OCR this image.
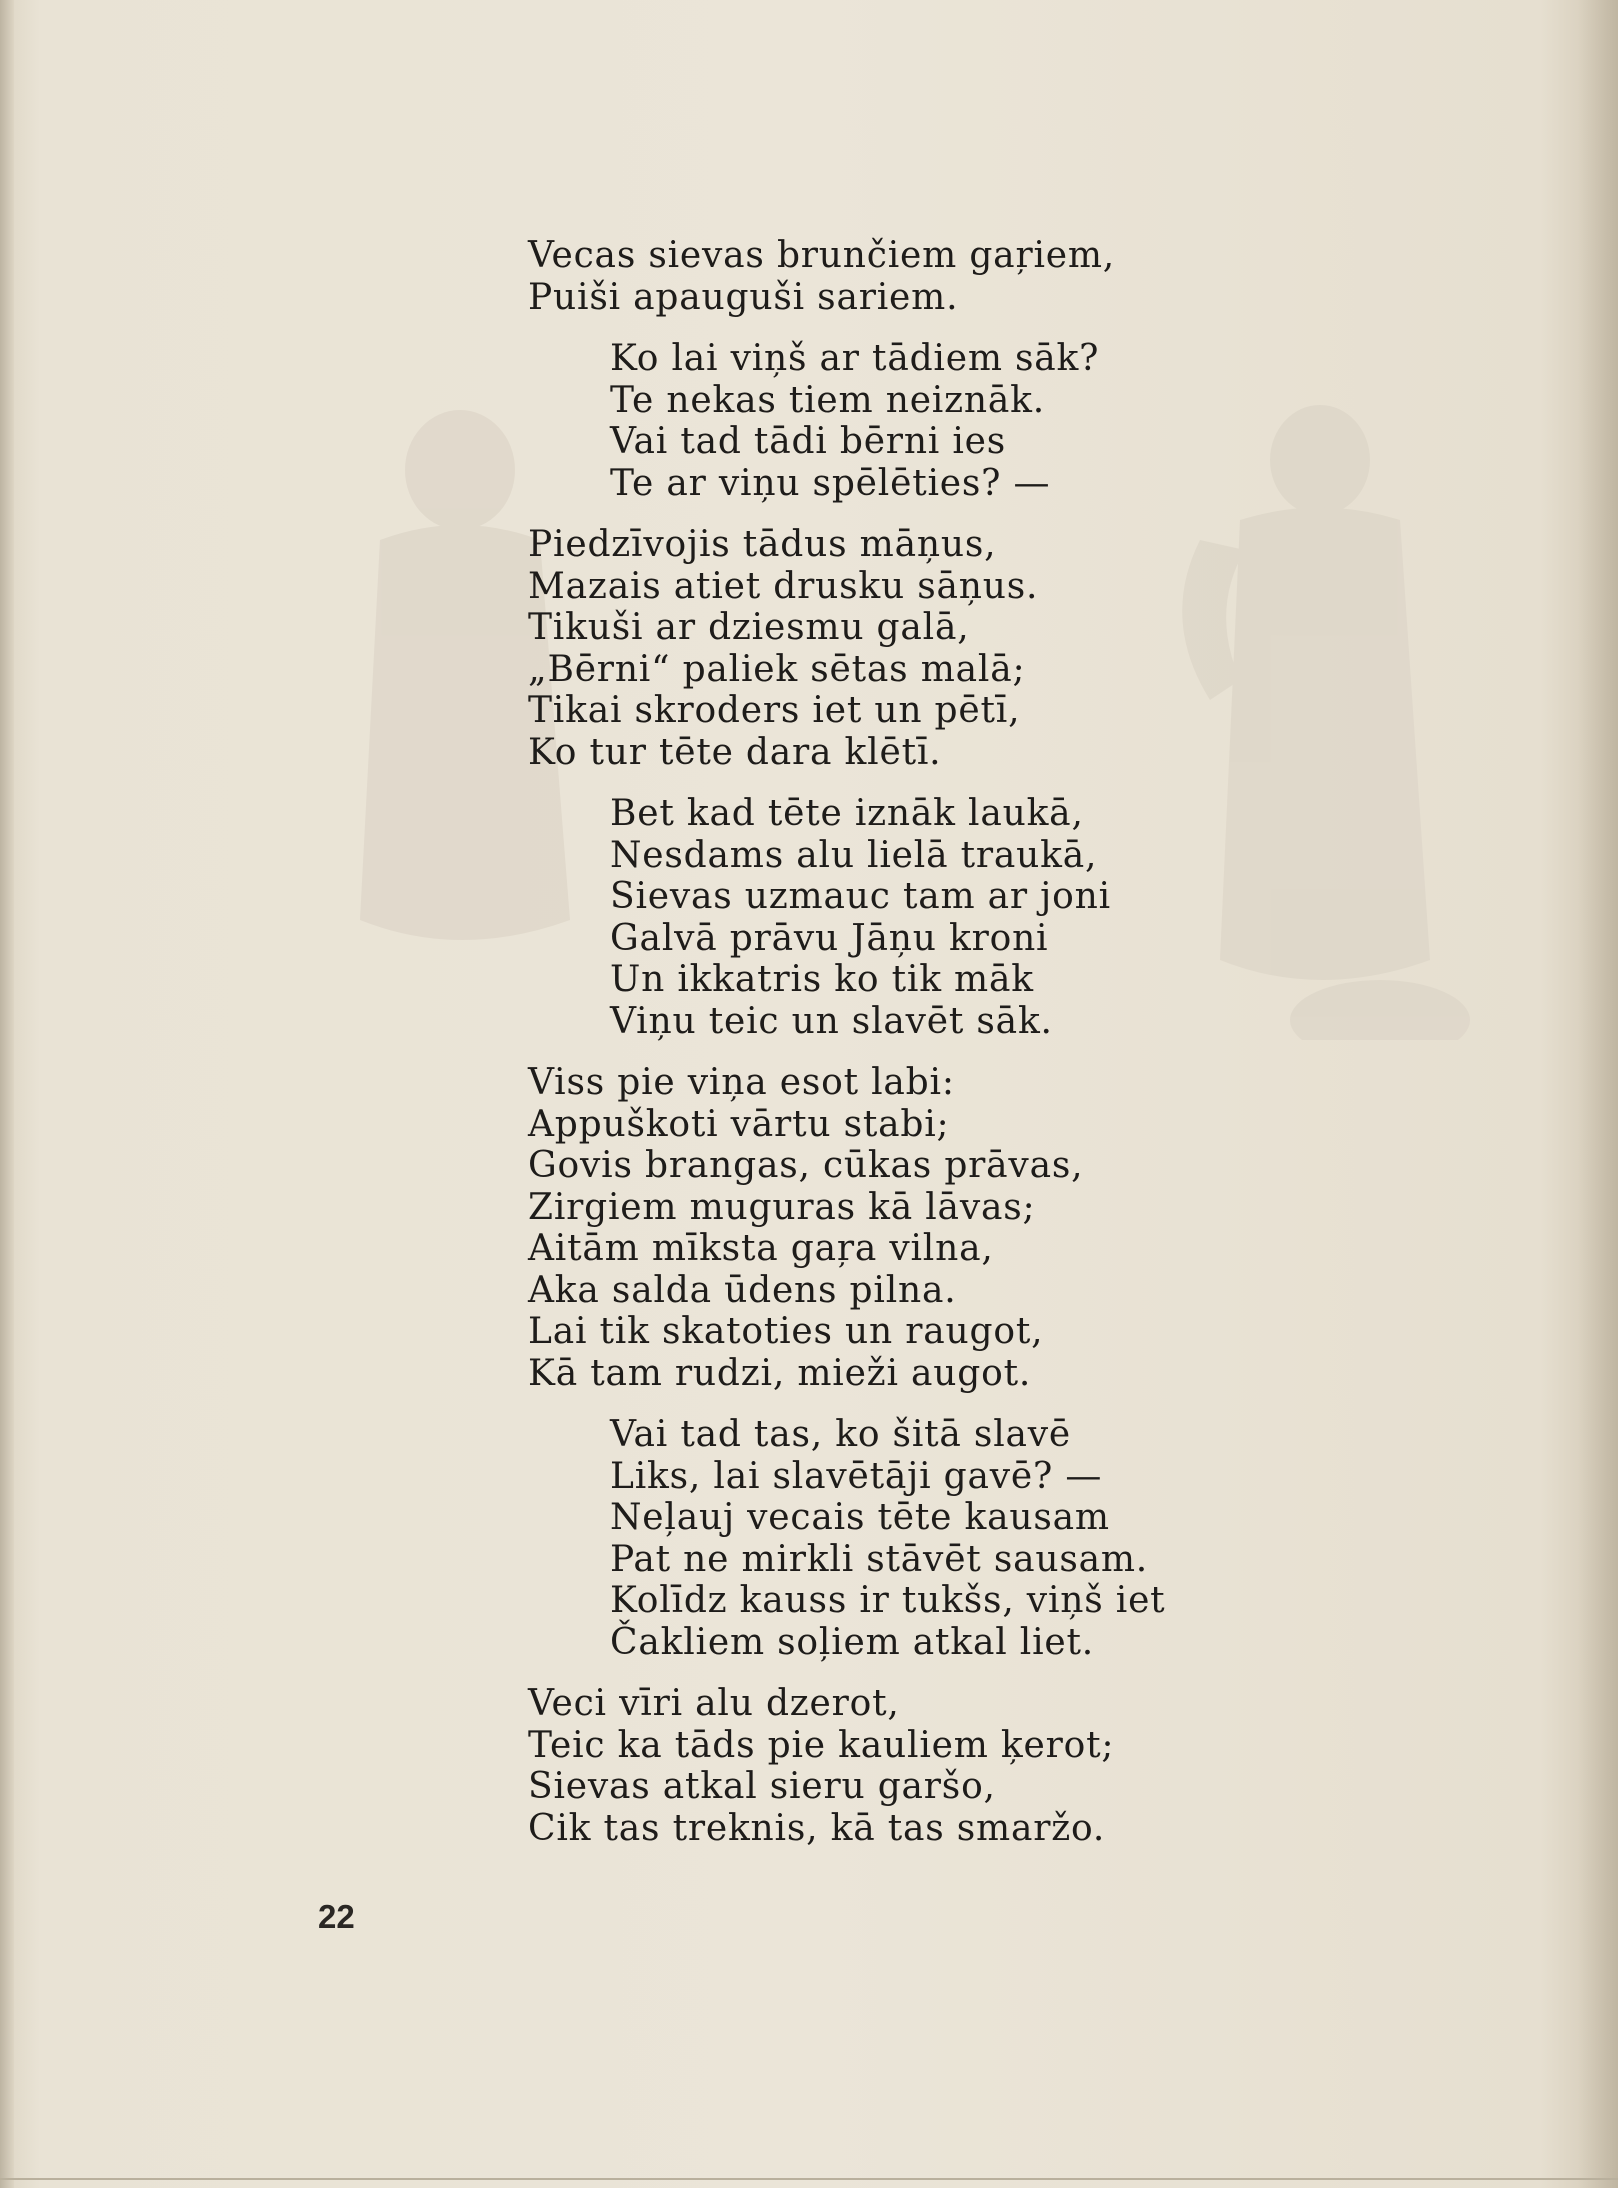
Vecas sievas brunčiem gaŗiem,
Puiši apauguši sariem.
Ko lai viņš ar tādiem sāk?
Te nekas tiem neiznāk.
Vai tad tādi bērni ies
Te ar viņu spēlēties? —
Piedzīvojis tādus māņus,
Mazais atiet drusku sāņus.
Tikuši ar dziesmu galā,
„Bērni“ paliek sētas malā;
Tikai skroders iet un pētī,
Ko tur tēte dara klētī.
Bet kad tēte iznāk laukā,
Nesdams alu lielā traukā,
Sievas uzmauc tam ar joni
Galvā prāvu Jāņu kroni
Un ikkatris ko tik māk
Viņu teic un slavēt sāk.
Viss pie viņa esot labi:
Appuškoti vārtu stabi;
Govis brangas, cūkas prāvas,
Zirgiem muguras kā lāvas;
Aitām mīksta gaŗa vilna,
Aka salda ūdens pilna.
Lai tik skatoties un raugot,
Kā tam rudzi, mieži augot.
Vai tad tas, ko šitā slavē
Liks, lai slavētāji gavē? —
Neļauj vecais tēte kausam
Pat ne mirkli stāvēt sausam.
Kolīdz kauss ir tukšs, viņš iet
Čakliem soļiem atkal liet.
Veci vīri alu dzerot,
Teic ka tāds pie kauliem ķerot;
Sievas atkal sieru garšo,
Cik tas treknis, kā tas smaržo.
22
